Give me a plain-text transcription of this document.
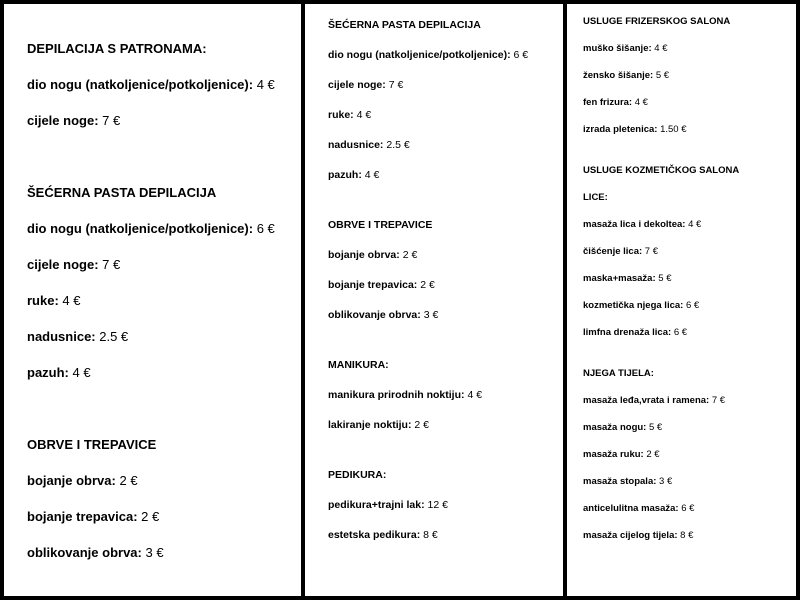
DEPILACIJA S PATRONAMA:
dio nogu (natkoljenice/potkoljenice): 4 €
cijele noge: 7 €
ŠEĆERNA PASTA DEPILACIJA
dio nogu (natkoljenice/potkoljenice): 6 €
cijele noge: 7 €
ruke: 4 €
nadusnice: 2.5 €
pazuh: 4 €
OBRVE I TREPAVICE
bojanje obrva: 2 €
bojanje trepavica: 2 €
oblikovanje obrva: 3 €
ŠEĆERNA PASTA DEPILACIJA
dio nogu (natkoljenice/potkoljenice): 6 €
cijele noge: 7 €
ruke: 4 €
nadusnice: 2.5 €
pazuh: 4 €
OBRVE I TREPAVICE
bojanje obrva: 2 €
bojanje trepavica: 2 €
oblikovanje obrva: 3 €
MANIKURA:
manikura prirodnih noktiju: 4 €
lakiranje noktiju: 2 €
PEDIKURA:
pedikura+trajni lak: 12 €
estetska pedikura: 8 €
USLUGE FRIZERSKOG SALONA
muško šišanje: 4 €
žensko šišanje: 5 €
fen frizura: 4 €
izrada pletenica: 1.50 €
USLUGE KOZMETIČKOG SALONA
LICE:
masaža lica i dekoltea: 4 €
čišćenje lica: 7 €
maska+masaža: 5 €
kozmetička njega lica: 6 €
limfna drenaža lica: 6 €
NJEGA TIJELA:
masaža leđa,vrata i ramena: 7 €
masaža nogu: 5 €
masaža ruku: 2 €
masaža stopala: 3 €
anticelulitna masaža: 6 €
masaža cijelog tijela: 8 €
